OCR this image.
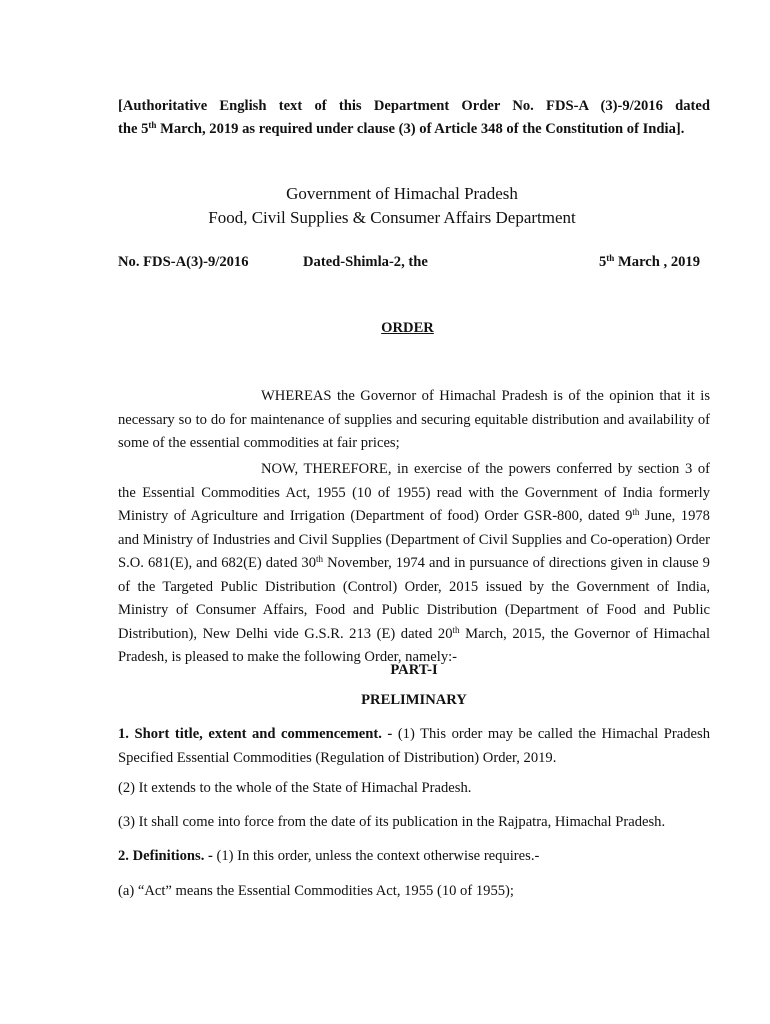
[Authoritative English text of this Department Order No. FDS-A (3)-9/2016 dated
the 5th March, 2019 as required under clause (3) of Article 348 of the Constitution of India].
Government of Himachal Pradesh
Food, Civil Supplies & Consumer Affairs Department
No. FDS-A(3)-9/2016	Dated-Shimla-2, the	5th March , 2019
ORDER
WHEREAS the Governor of Himachal Pradesh is of the opinion that it is necessary so to do for maintenance of supplies and securing equitable distribution and availability of some of the essential commodities at fair prices;
NOW, THEREFORE, in exercise of the powers conferred by section 3 of the Essential Commodities Act, 1955 (10 of 1955) read with the Government of India formerly Ministry of Agriculture and Irrigation (Department of food) Order GSR-800, dated 9th June, 1978 and Ministry of Industries and Civil Supplies (Department of Civil Supplies and Co-operation) Order S.O. 681(E), and 682(E) dated 30th November, 1974 and in pursuance of directions given in clause 9 of the Targeted Public Distribution (Control) Order, 2015 issued by the Government of India, Ministry of Consumer Affairs, Food and Public Distribution (Department of Food and Public Distribution), New Delhi vide G.S.R. 213 (E) dated 20th March, 2015, the Governor of Himachal Pradesh, is pleased to make the following Order, namely:-
PART-I
PRELIMINARY
1. Short title, extent and commencement. - (1) This order may be called the Himachal Pradesh Specified Essential Commodities (Regulation of Distribution) Order, 2019.
(2) It extends to the whole of the State of Himachal Pradesh.
(3) It shall come into force from the date of its publication in the Rajpatra, Himachal Pradesh.
2. Definitions. - (1) In this order, unless the context otherwise requires.-
(a) “Act” means the Essential Commodities Act, 1955 (10 of 1955);
